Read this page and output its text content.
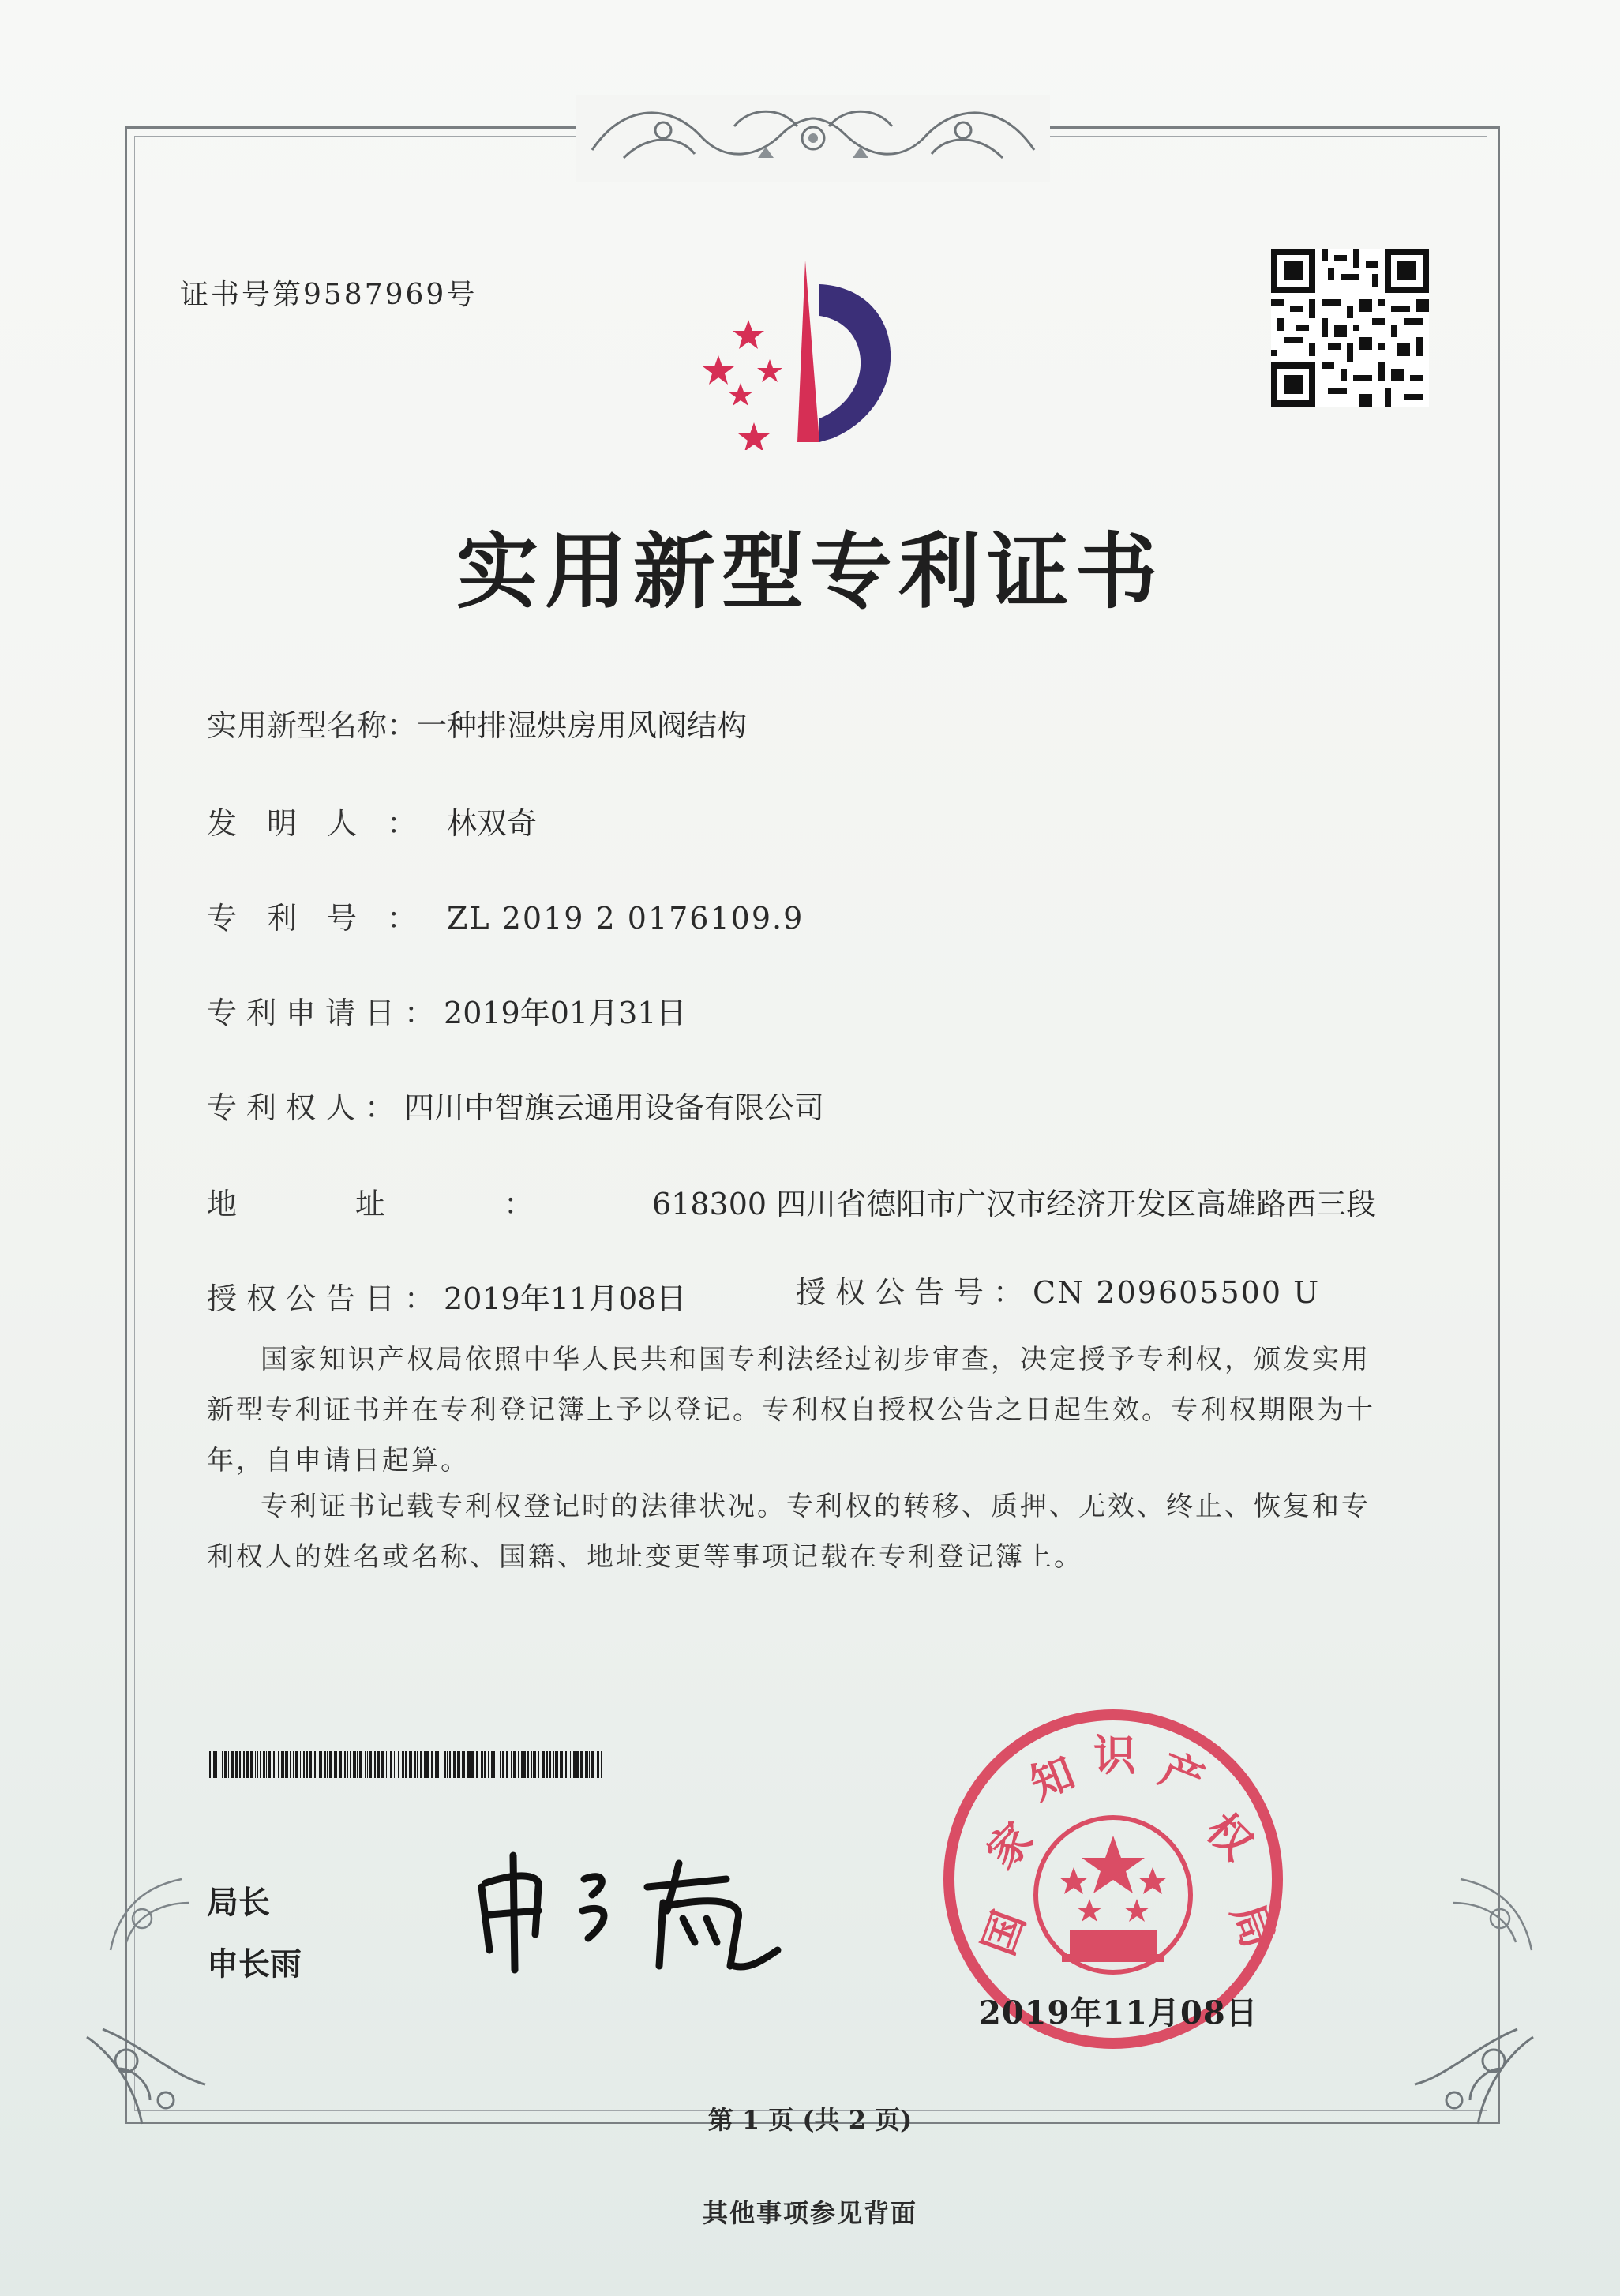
证书号第9587969号
实用新型专利证书
实用新型名称：一种排湿烘房用风阀结构
发明人：林双奇
专利号：ZL 2019 2 0176109.9
专利申请日：2019年01月31日
专利权人：四川中智旗云通用设备有限公司
地址：618300 四川省德阳市广汉市经济开发区高雄路西三段
授权公告日：2019年11月08日	授权公告号：CN 209605500 U
国家知识产权局依照中华人民共和国专利法经过初步审查，决定授予专利权，颁发实用新型专利证书并在专利登记簿上予以登记。专利权自授权公告之日起生效。专利权期限为十年，自申请日起算。
专利证书记载专利权登记时的法律状况。专利权的转移、质押、无效、终止、恢复和专利权人的姓名或名称、国籍、地址变更等事项记载在专利登记簿上。
局长
申长雨
国
家
知 识 产
权
局
2019年11月08日
第 1 页 (共 2 页)
其他事项参见背面
